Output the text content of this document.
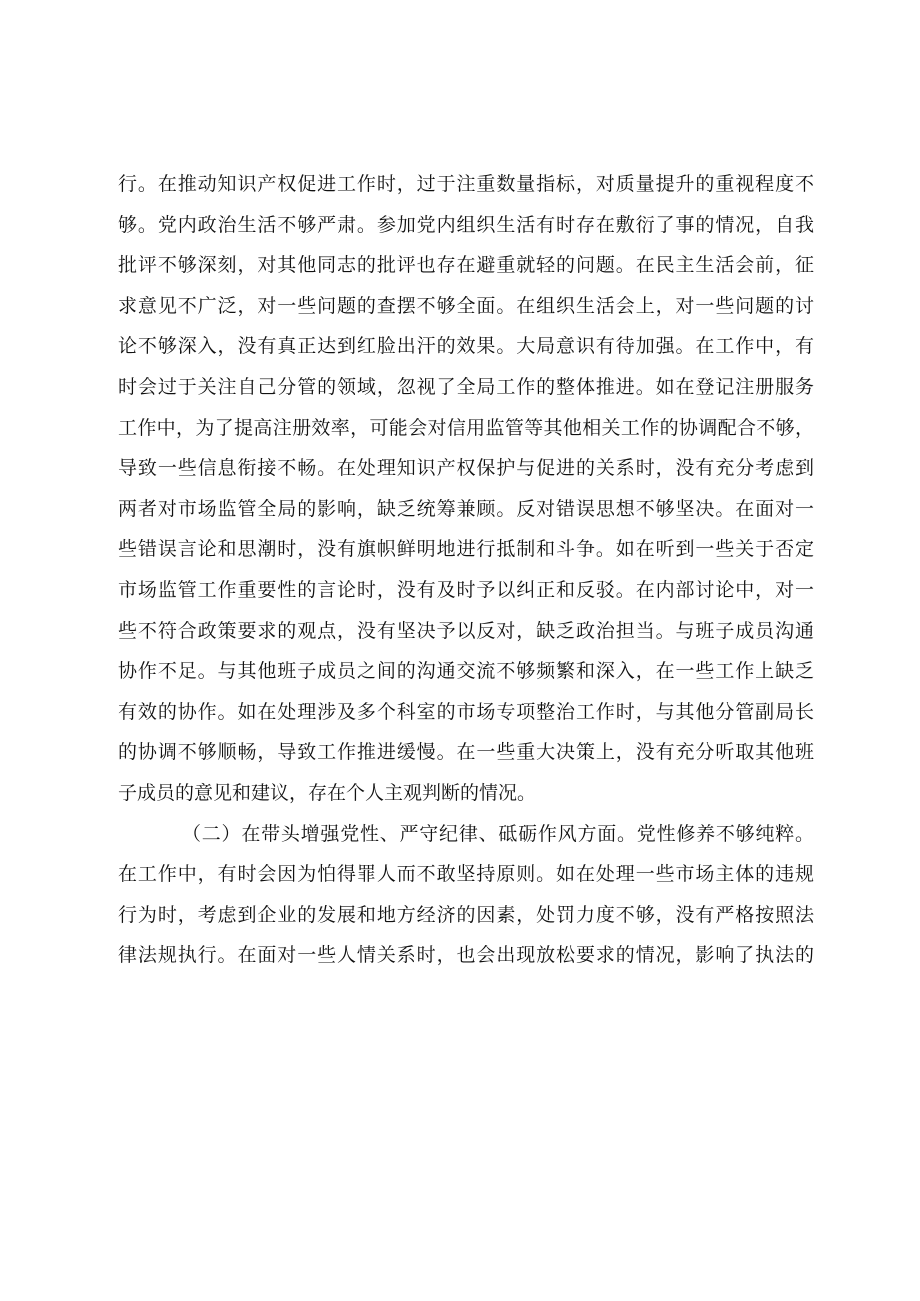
行。在推动知识产权促进工作时，过于注重数量指标，对质量提升的重视程度不
够。党内政治生活不够严肃。参加党内组织生活有时存在敷衍了事的情况，自我
批评不够深刻，对其他同志的批评也存在避重就轻的问题。在民主生活会前，征
求意见不广泛，对一些问题的查摆不够全面。在组织生活会上，对一些问题的讨
论不够深入，没有真正达到红脸出汗的效果。大局意识有待加强。在工作中，有
时会过于关注自己分管的领域，忽视了全局工作的整体推进。如在登记注册服务
工作中，为了提高注册效率，可能会对信用监管等其他相关工作的协调配合不够，
导致一些信息衔接不畅。在处理知识产权保护与促进的关系时，没有充分考虑到
两者对市场监管全局的影响，缺乏统筹兼顾。反对错误思想不够坚决。在面对一
些错误言论和思潮时，没有旗帜鲜明地进行抵制和斗争。如在听到一些关于否定
市场监管工作重要性的言论时，没有及时予以纠正和反驳。在内部讨论中，对一
些不符合政策要求的观点，没有坚决予以反对，缺乏政治担当。与班子成员沟通
协作不足。与其他班子成员之间的沟通交流不够频繁和深入，在一些工作上缺乏
有效的协作。如在处理涉及多个科室的市场专项整治工作时，与其他分管副局长
的协调不够顺畅，导致工作推进缓慢。在一些重大决策上，没有充分听取其他班
子成员的意见和建议，存在个人主观判断的情况。
（二）在带头增强党性、严守纪律、砥砺作风方面。党性修养不够纯粹。
在工作中，有时会因为怕得罪人而不敢坚持原则。如在处理一些市场主体的违规
行为时，考虑到企业的发展和地方经济的因素，处罚力度不够，没有严格按照法
律法规执行。在面对一些人情关系时，也会出现放松要求的情况，影响了执法的
